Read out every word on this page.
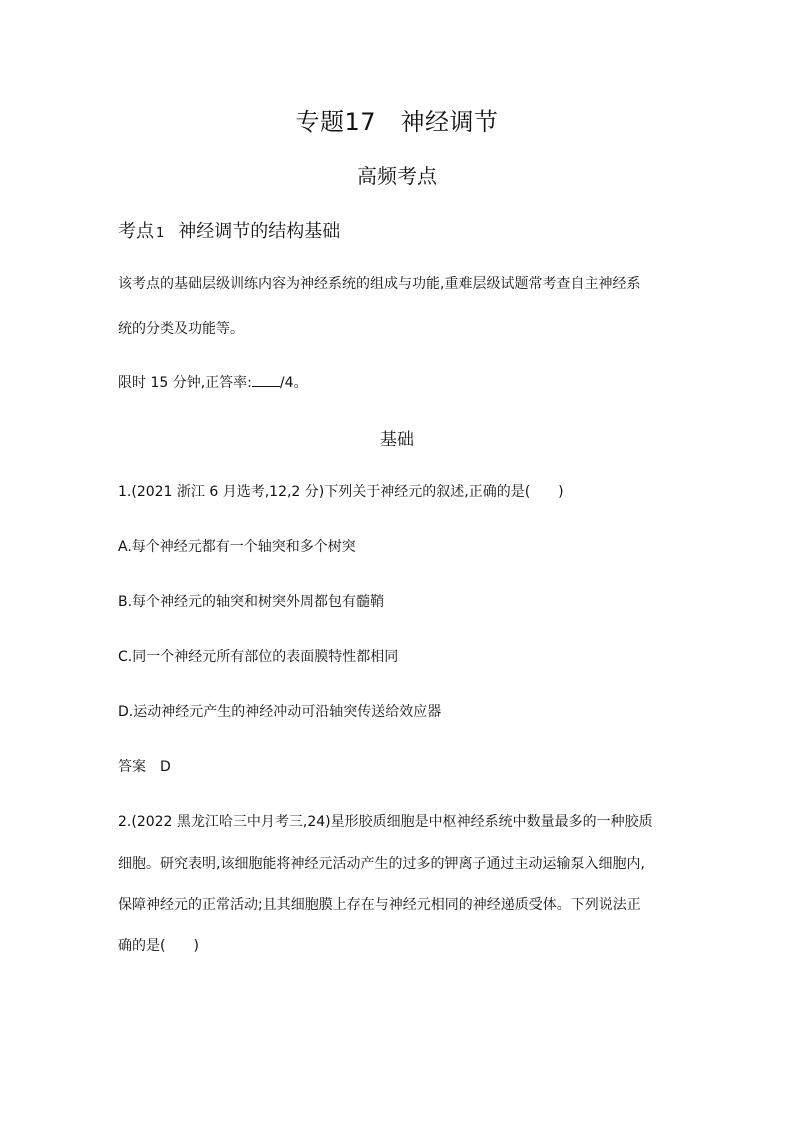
专题17　神经调节
高频考点
考点 1 神经调节的结构基础
该考点的基础层级训练内容为神经系统的组成与功能,重难层级试题常考查自主神经系
统的分类及功能等。
限时 15 分钟,正答率: /4。
基础
1.(2021 浙江 6 月选考,12,2 分)下列关于神经元的叙述,正确的是(　　)
A.每个神经元都有一个轴突和多个树突
B.每个神经元的轴突和树突外周都包有髓鞘
C.同一个神经元所有部位的表面膜特性都相同
D.运动神经元产生的神经冲动可沿轴突传送给效应器
答案 D
2.(2022 黑龙江哈三中月考三,24)星形胶质细胞是中枢神经系统中数量最多的一种胶质
细胞。研究表明,该细胞能将神经元活动产生的过多的钾离子通过主动运输泵入细胞内,
保障神经元的正常活动;且其细胞膜上存在与神经元相同的神经递质受体。下列说法正
确的是(　　)
